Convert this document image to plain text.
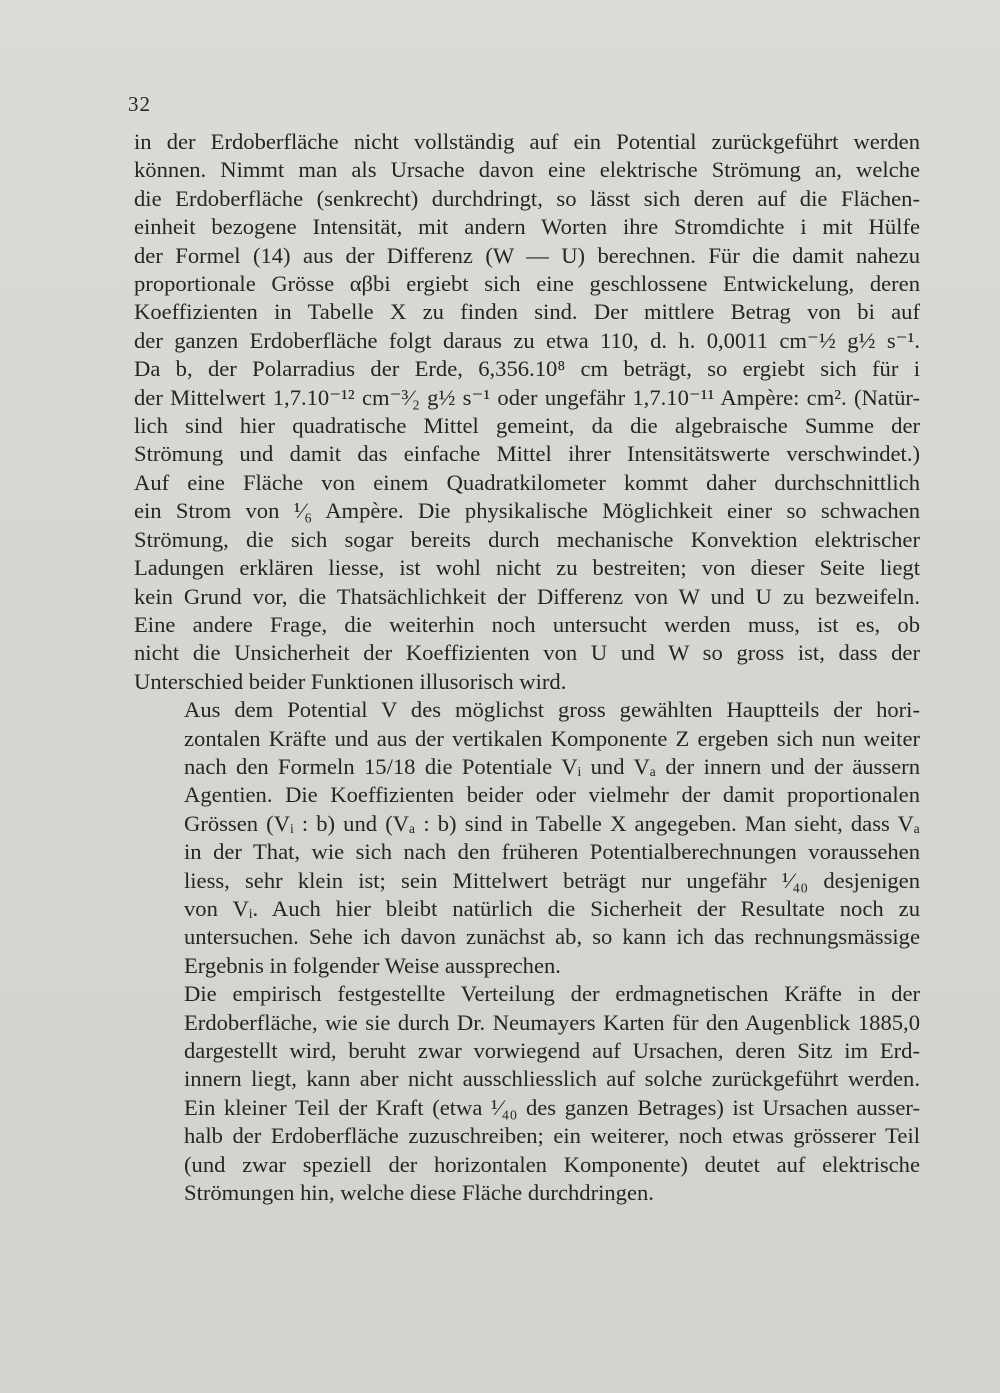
32

in der Erdoberfläche nicht vollständig auf ein Potential zurückgeführt werden
können. Nimmt man als Ursache davon eine elektrische Strömung an, welche
die Erdoberfläche (senkrecht) durchdringt, so lässt sich deren auf die Flächen-
einheit bezogene Intensität, mit andern Worten ihre Stromdichte i mit Hülfe
der Formel (14) aus der Differenz (W — U) berechnen. Für die damit nahezu
proportionale Grösse αβbi ergiebt sich eine geschlossene Entwickelung, deren
Koeffizienten in Tabelle X zu finden sind. Der mittlere Betrag von bi auf
der ganzen Erdoberfläche folgt daraus zu etwa 110, d. h. 0,0011 cm⁻½ g½ s⁻¹.
Da b, der Polarradius der Erde, 6,356.10⁸ cm beträgt, so ergiebt sich für i
der Mittelwert 1,7.10⁻¹² cm⁻³⁄₂ g½ s⁻¹ oder ungefähr 1,7.10⁻¹¹ Ampère: cm². (Natür-
lich sind hier quadratische Mittel gemeint, da die algebraische Summe der
Strömung und damit das einfache Mittel ihrer Intensitätswerte verschwindet.)
Auf eine Fläche von einem Quadratkilometer kommt daher durchschnittlich
ein Strom von ¹⁄₆ Ampère. Die physikalische Möglichkeit einer so schwachen
Strömung, die sich sogar bereits durch mechanische Konvektion elektrischer
Ladungen erklären liesse, ist wohl nicht zu bestreiten; von dieser Seite liegt
kein Grund vor, die Thatsächlichkeit der Differenz von W und U zu bezweifeln.
Eine andere Frage, die weiterhin noch untersucht werden muss, ist es, ob
nicht die Unsicherheit der Koeffizienten von U und W so gross ist, dass der
Unterschied beider Funktionen illusorisch wird.

Aus dem Potential V des möglichst gross gewählten Hauptteils der hori-
zontalen Kräfte und aus der vertikalen Komponente Z ergeben sich nun weiter
nach den Formeln 15/18 die Potentiale Vᵢ und Vₐ der innern und der äussern
Agentien. Die Koeffizienten beider oder vielmehr der damit proportionalen
Grössen (Vᵢ : b) und (Vₐ : b) sind in Tabelle X angegeben. Man sieht, dass Vₐ
in der That, wie sich nach den früheren Potentialberechnungen voraussehen
liess, sehr klein ist; sein Mittelwert beträgt nur ungefähr ¹⁄₄₀ desjenigen
von Vᵢ. Auch hier bleibt natürlich die Sicherheit der Resultate noch zu
untersuchen. Sehe ich davon zunächst ab, so kann ich das rechnungsmässige
Ergebnis in folgender Weise aussprechen.

Die empirisch festgestellte Verteilung der erdmagnetischen Kräfte in der
Erdoberfläche, wie sie durch Dr. Neumayers Karten für den Augenblick 1885,0
dargestellt wird, beruht zwar vorwiegend auf Ursachen, deren Sitz im Erd-
innern liegt, kann aber nicht ausschliesslich auf solche zurückgeführt werden.
Ein kleiner Teil der Kraft (etwa ¹⁄₄₀ des ganzen Betrages) ist Ursachen ausser-
halb der Erdoberfläche zuzuschreiben; ein weiterer, noch etwas grösserer Teil
(und zwar speziell der horizontalen Komponente) deutet auf elektrische
Strömungen hin, welche diese Fläche durchdringen.
